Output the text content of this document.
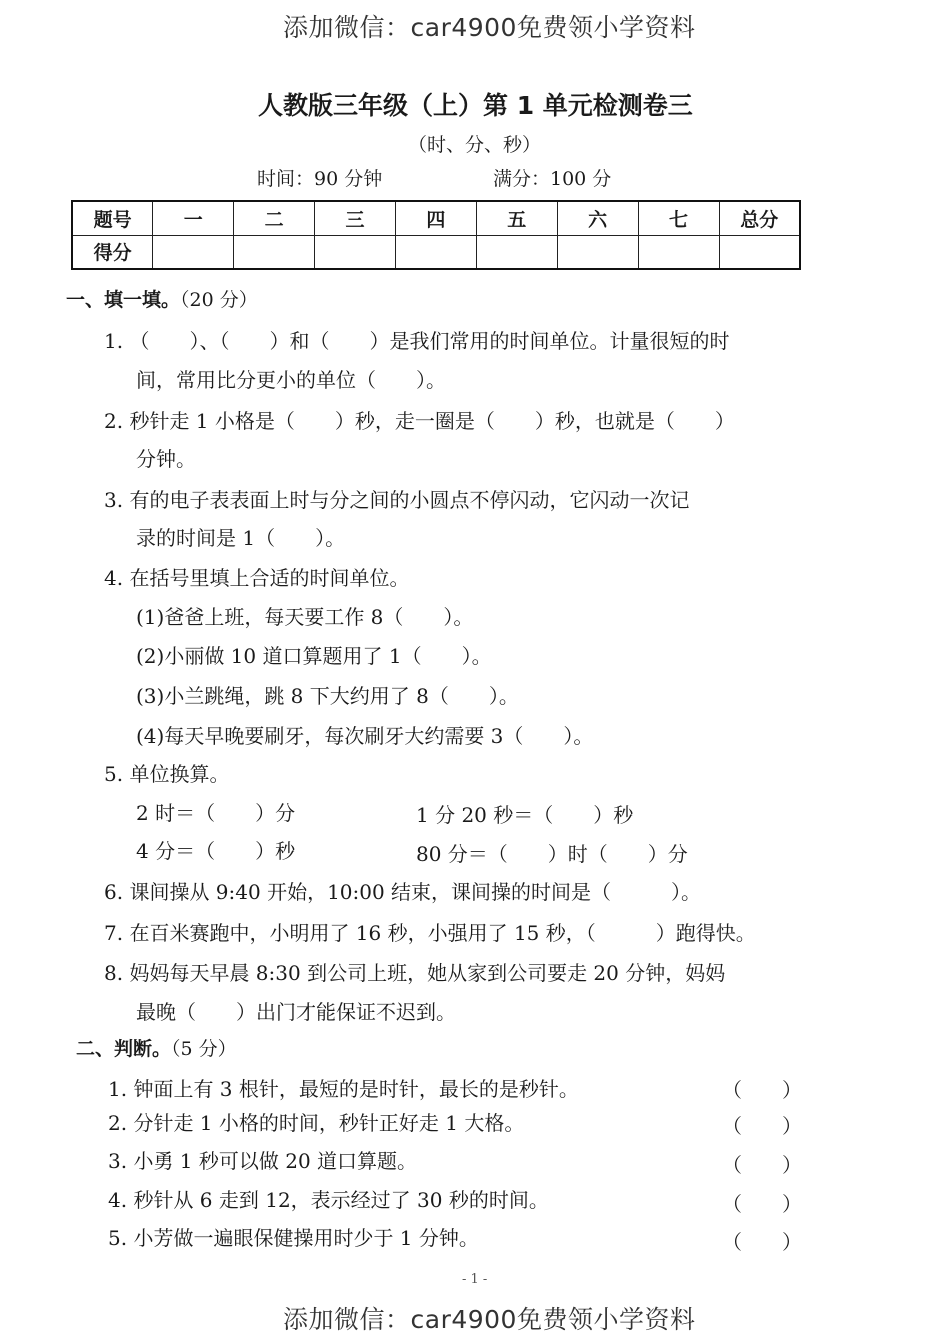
添加微信：car4900免费领小学资料
人教版三年级（上）第 1 单元检测卷三
（时、分、秒）
时间：90 分钟	满分：100 分
题号	一	二	三	四	五	六	七	总分
得分								
一、填一填。（20 分）
1. （　　）、（　　）和（　　）是我们常用的时间单位。计量很短的时
间，常用比分更小的单位（　　）。
2. 秒针走 1 小格是（　　）秒，走一圈是（　　）秒，也就是（　　）
分钟。
3. 有的电子表表面上时与分之间的小圆点不停闪动，它闪动一次记
录的时间是 1（　　）。
4. 在括号里填上合适的时间单位。
(1)爸爸上班，每天要工作 8（　　）。
(2)小丽做 10 道口算题用了 1（　　）。
(3)小兰跳绳，跳 8 下大约用了 8（　　）。
(4)每天早晚要刷牙，每次刷牙大约需要 3（　　）。
5. 单位换算。
2 时＝（　　）分	1 分 20 秒＝（　　）秒
4 分＝（　　）秒	80 分＝（　　）时（　　）分
6. 课间操从 9:40 开始，10:00 结束，课间操的时间是（　　　）。
7. 在百米赛跑中，小明用了 16 秒，小强用了 15 秒，（　　　）跑得快。
8. 妈妈每天早晨 8:30 到公司上班，她从家到公司要走 20 分钟，妈妈
最晚（　　）出门才能保证不迟到。
二、判断。（5 分）
1. 钟面上有 3 根针，最短的是时针，最长的是秒针。	（　　）
2. 分针走 1 小格的时间，秒针正好走 1 大格。	（　　）
3. 小勇 1 秒可以做 20 道口算题。	（　　）
4. 秒针从 6 走到 12，表示经过了 30 秒的时间。	（　　）
5. 小芳做一遍眼保健操用时少于 1 分钟。	（　　）
- 1 -
添加微信：car4900免费领小学资料
